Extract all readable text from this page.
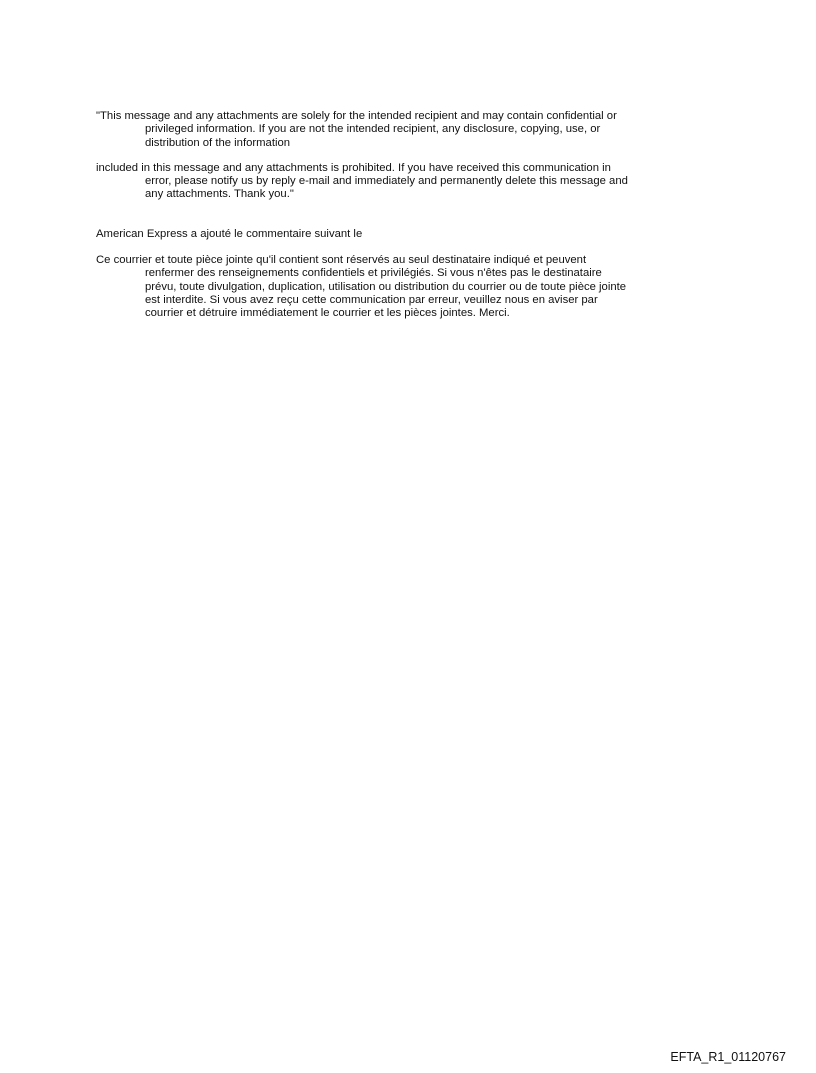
"This message and any attachments are solely for the intended recipient and may contain confidential or
privileged information. If you are not the intended recipient, any disclosure, copying, use, or
distribution of the information

included in this message and any attachments is prohibited. If you have received this communication in
error, please notify us by reply e-mail and immediately and permanently delete this message and
any attachments. Thank you."

American Express a ajouté le commentaire suivant le

Ce courrier et toute pièce jointe qu'il contient sont réservés au seul destinataire indiqué et peuvent
renfermer des renseignements confidentiels et privilégiés. Si vous n'êtes pas le destinataire
prévu, toute divulgation, duplication, utilisation ou distribution du courrier ou de toute pièce jointe
est interdite. Si vous avez reçu cette communication par erreur, veuillez nous en aviser par
courrier et détruire immédiatement le courrier et les pièces jointes. Merci.

EFTA_R1_01120767
